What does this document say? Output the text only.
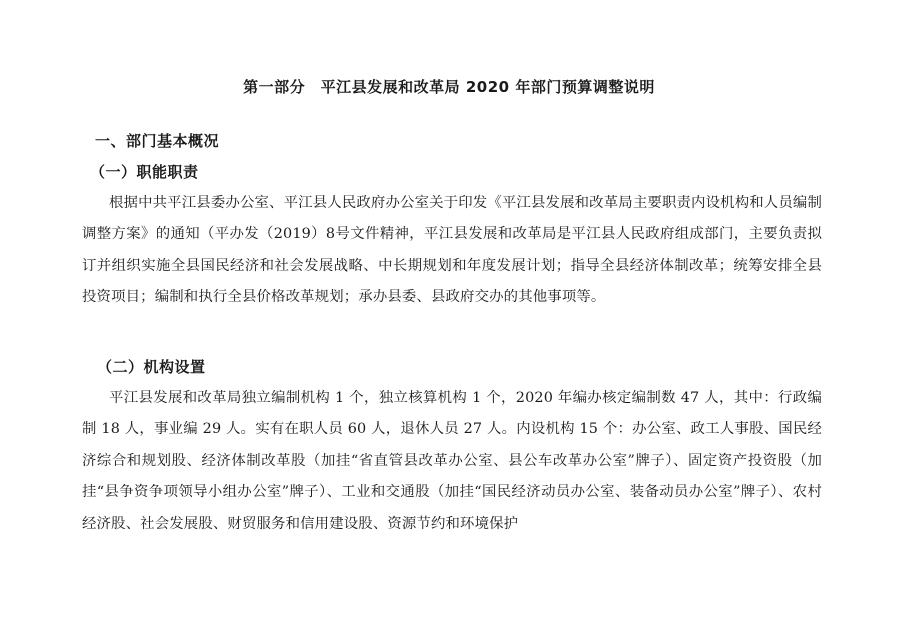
第一部分　平江县发展和改革局 2020 年部门预算调整说明
一、部门基本概况
（一）职能职责
根据中共平江县委办公室、平江县人民政府办公室关于印发《平江县发展和改革局主要职责内设机构和人员编制调整方案》的通知（平办发（2019）8号文件精神，平江县发展和改革局是平江县人民政府组成部门，主要负责拟订并组织实施全县国民经济和社会发展战略、中长期规划和年度发展计划；指导全县经济体制改革；统筹安排全县投资项目；编制和执行全县价格改革规划；承办县委、县政府交办的其他事项等。
（二）机构设置
平江县发展和改革局独立编制机构 1 个，独立核算机构 1 个，2020 年编办核定编制数 47 人，其中：行政编制 18 人，事业编 29 人。实有在职人员 60 人，退休人员 27 人。内设机构 15 个：办公室、政工人事股、国民经济综合和规划股、经济体制改革股（加挂“省直管县改革办公室、县公车改革办公室”牌子）、固定资产投资股（加挂“县争资争项领导小组办公室”牌子）、工业和交通股（加挂“国民经济动员办公室、装备动员办公室”牌子）、农村经济股、社会发展股、财贸服务和信用建设股、资源节约和环境保护
